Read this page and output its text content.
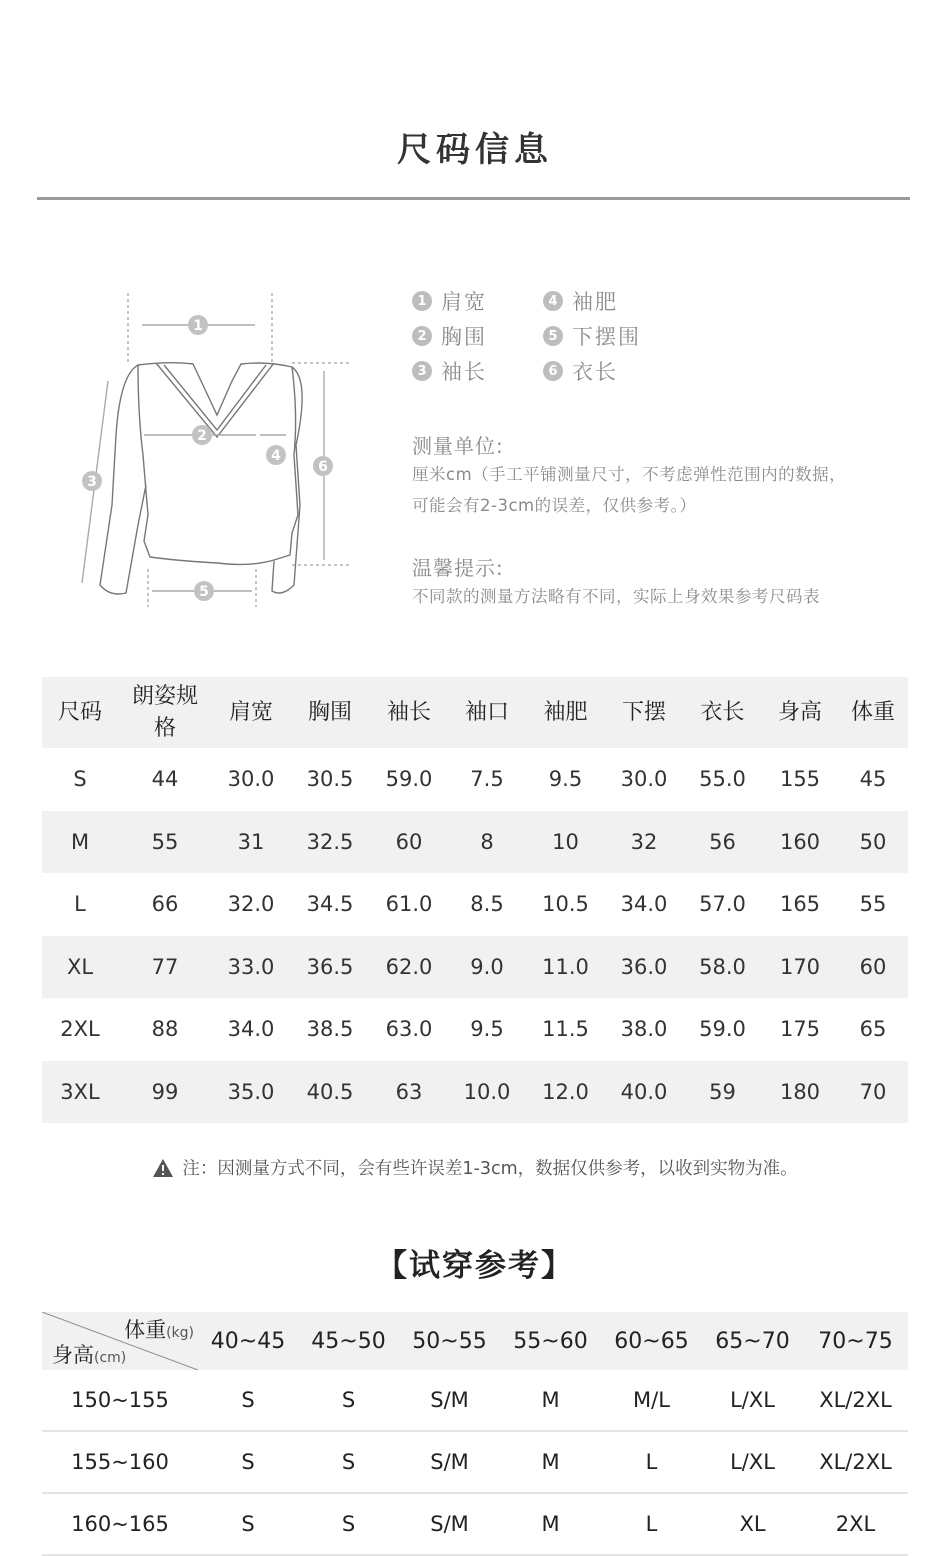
尺码信息
1
2
3
4
5
6
1 肩宽
2 胸围
3 袖长
4 袖肥
5 下摆围
6 衣长
测量单位:
厘米cm（手工平铺测量尺寸，不考虑弹性范围内的数据，
可能会有2-3cm的误差，仅供参考。）
温馨提示:
不同款的测量方法略有不同，实际上身效果参考尺码表
尺码	朗姿规格	肩宽	胸围	袖长	袖口	袖肥	下摆	衣长	身高	体重
S	44	30.0	30.5	59.0	7.5	9.5	30.0	55.0	155	45
M	55	31	32.5	60	8	10	32	56	160	50
L	66	32.0	34.5	61.0	8.5	10.5	34.0	57.0	165	55
XL	77	33.0	36.5	62.0	9.0	11.0	36.0	58.0	170	60
2XL	88	34.0	38.5	63.0	9.5	11.5	38.0	59.0	175	65
3XL	99	35.0	40.5	63	10.0	12.0	40.0	59	180	70
注：因测量方式不同，会有些许误差1-3cm，数据仅供参考，以收到实物为准。
【试穿参考】
体重(kg)
身高(cm)	40~45	45~50	50~55	55~60	60~65	65~70	70~75
150~155	S	S	S/M	M	M/L	L/XL	XL/2XL
155~160	S	S	S/M	M	L	L/XL	XL/2XL
160~165	S	S	S/M	M	L	XL	2XL
